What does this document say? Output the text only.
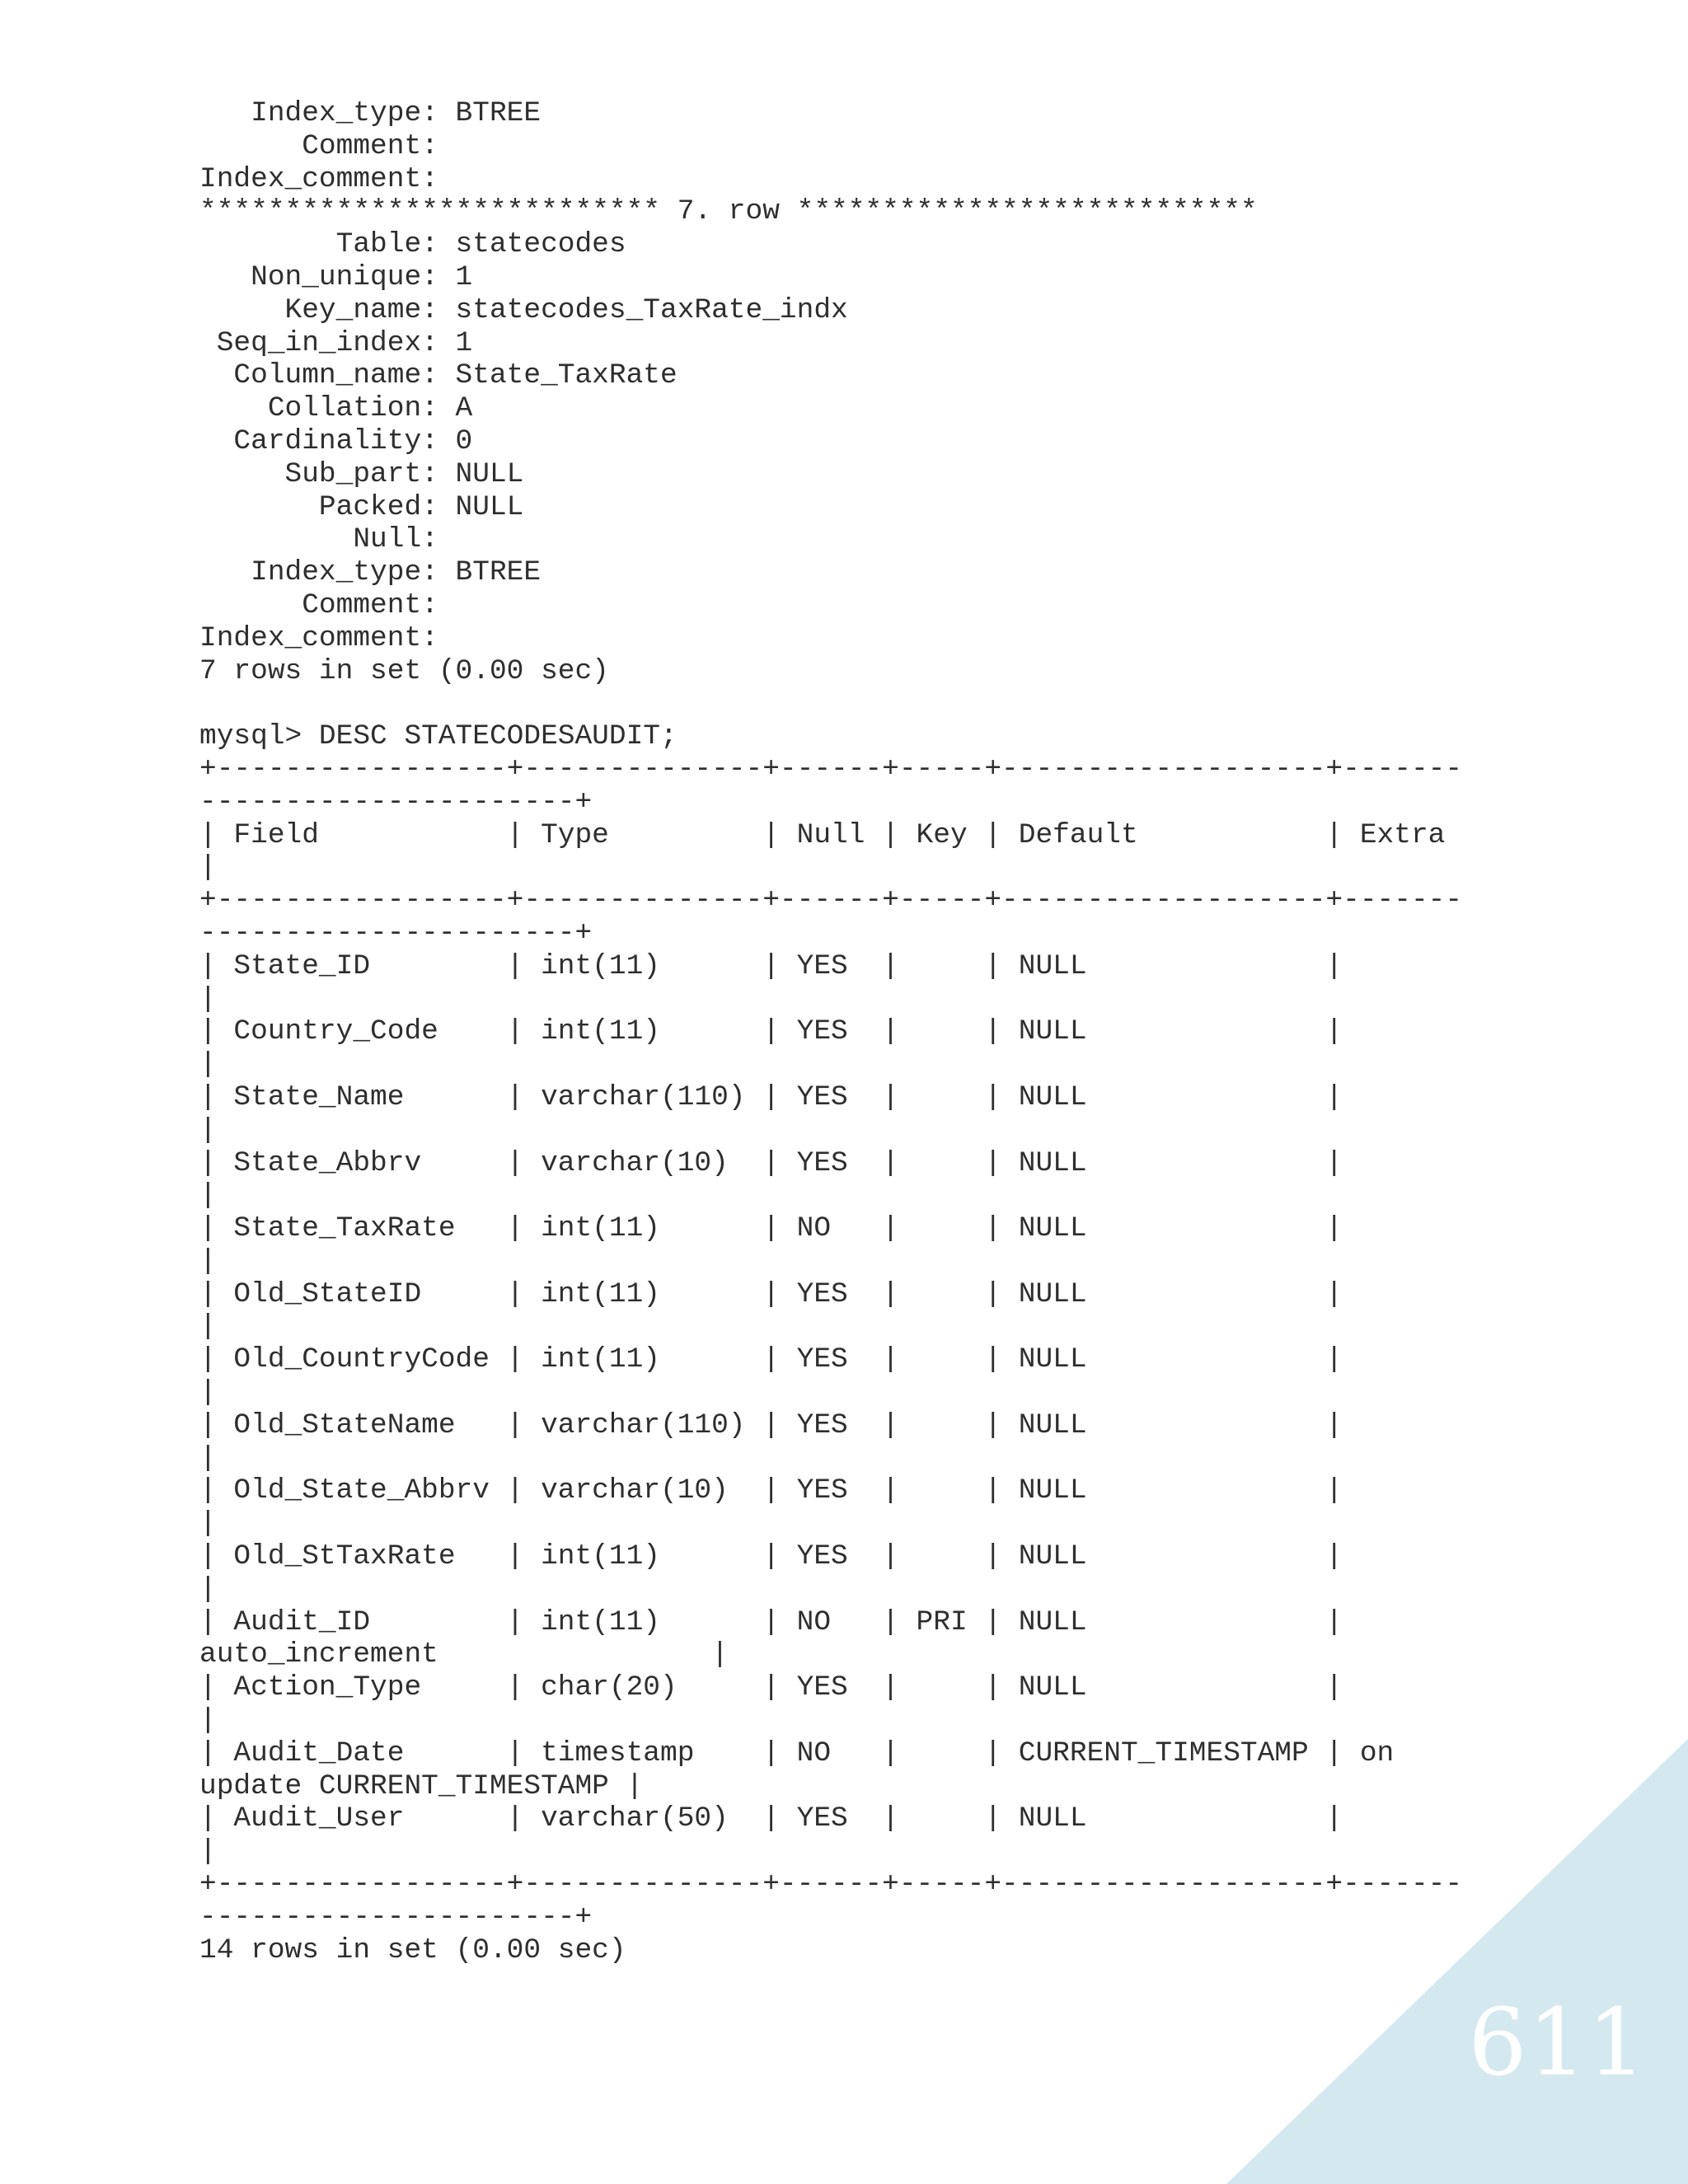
Index_type: BTREE
Comment:
Index_comment:
*************************** 7. row ***************************
Table: statecodes
Non_unique: 1
Key_name: statecodes_TaxRate_indx
Seq_in_index: 1
Column_name: State_TaxRate
Collation: A
Cardinality: 0
Sub_part: NULL
Packed: NULL
Null:
Index_type: BTREE
Comment:
Index_comment:
7 rows in set (0.00 sec)
mysql> DESC STATECODESAUDIT;
+-----------------+--------------+------+-----+-------------------+-------
----------------------+
| Field           | Type         | Null | Key | Default           | Extra
|
+-----------------+--------------+------+-----+-------------------+-------
----------------------+
| State_ID        | int(11)      | YES  |     | NULL              |
|
| Country_Code    | int(11)      | YES  |     | NULL              |
|
| State_Name      | varchar(110) | YES  |     | NULL              |
|
| State_Abbrv     | varchar(10)  | YES  |     | NULL              |
|
| State_TaxRate   | int(11)      | NO   |     | NULL              |
|
| Old_StateID     | int(11)      | YES  |     | NULL              |
|
| Old_CountryCode | int(11)      | YES  |     | NULL              |
|
| Old_StateName   | varchar(110) | YES  |     | NULL              |
|
| Old_State_Abbrv | varchar(10)  | YES  |     | NULL              |
|
| Old_StTaxRate   | int(11)      | YES  |     | NULL              |
|
| Audit_ID        | int(11)      | NO   | PRI | NULL              |
auto_increment                |
| Action_Type     | char(20)     | YES  |     | NULL              |
|
| Audit_Date      | timestamp    | NO   |     | CURRENT_TIMESTAMP | on
update CURRENT_TIMESTAMP |
| Audit_User      | varchar(50)  | YES  |     | NULL              |
|
+-----------------+--------------+------+-----+-------------------+-------
----------------------+
14 rows in set (0.00 sec)
611
